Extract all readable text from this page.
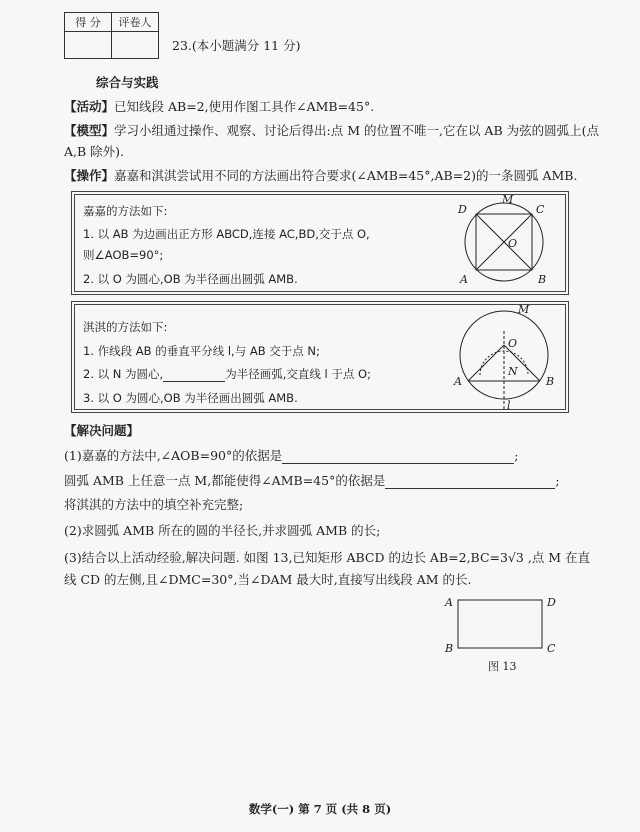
得 分	评卷人

23.(本小题满分 11 分)
综合与实践
【活动】已知线段 AB=2,使用作图工具作∠AMB=45°.
【模型】学习小组通过操作、观察、讨论后得出:点 M 的位置不唯一,它在以 AB 为弦的圆弧上(点
A,B 除外).
【操作】嘉嘉和淇淇尝试用不同的方法画出符合要求(∠AMB=45°,AB=2)的一条圆弧 AMB.
嘉嘉的方法如下:
1. 以 AB 为边画出正方形 ABCD,连接 AC,BD,交于点 O,
则∠AOB=90°;
2. 以 O 为圆心,OB 为半径画出圆弧 AMB.
D
M
C
O
A	B
淇淇的方法如下:
1. 作线段 AB 的垂直平分线 l,与 AB 交于点 N;
2. 以 N 为圆心,	为半径画弧,交直线 l 于点 O;
3. 以 O 为圆心,OB 为半径画出圆弧 AMB.
M
O
N
A	B
l
【解决问题】
(1)嘉嘉的方法中,∠AOB=90°的依据是	;
圆弧 AMB 上任意一点 M,都能使得∠AMB=45°的依据是	;
将淇淇的方法中的填空补充完整;
(2)求圆弧 AMB 所在的圆的半径长,并求圆弧 AMB 的长;
(3)结合以上活动经验,解决问题. 如图 13,已知矩形 ABCD 的边长 AB=2,BC=3√3 ,点 M 在直
线 CD 的左侧,且∠DMC=30°,当∠DAM 最大时,直接写出线段 AM 的长.
A	D
B	C
图 13
数学(一) 第 7 页 (共 8 页)
